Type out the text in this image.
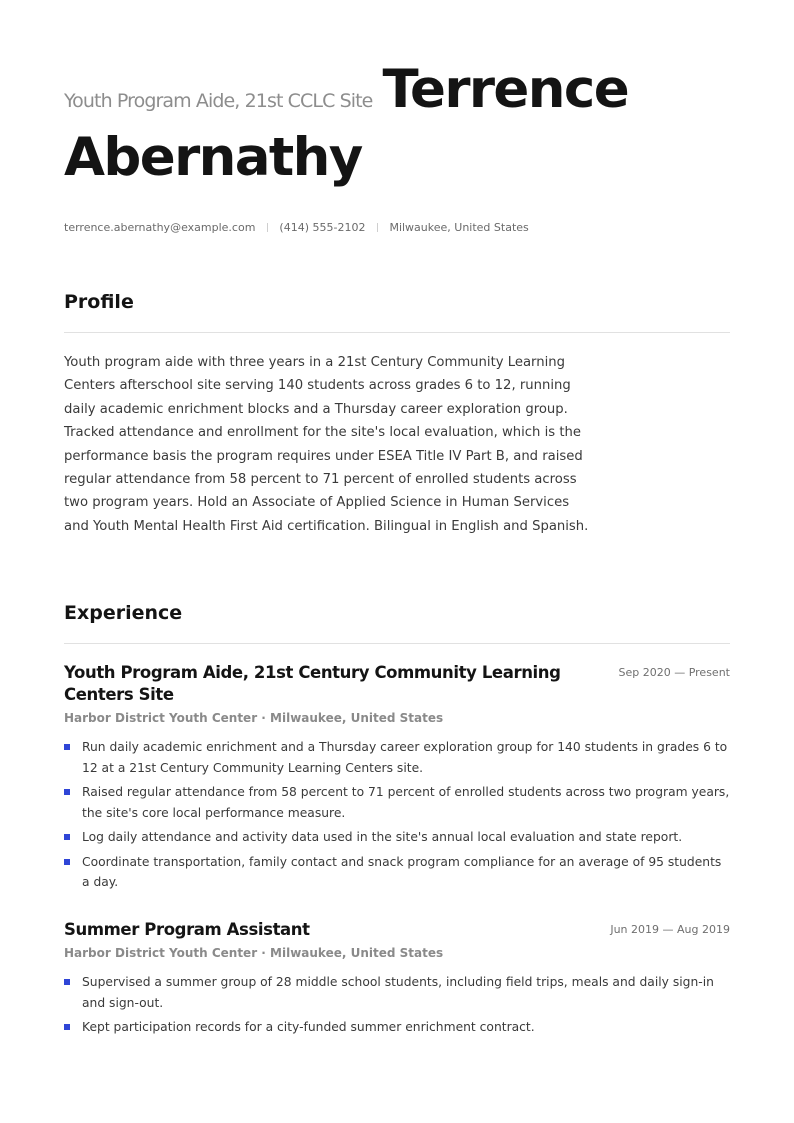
Youth Program Aide, 21st CCLC Site Terrence

Abernathy

terrence.abernathy@example.com (414) 555-2102 Milwaukee, United States
Profile

Youth program aide with three years in a 21st Century Community Learning Centers afterschool site serving 140 students across grades 6 to 12, running daily academic enrichment blocks and a Thursday career exploration group. Tracked attendance and enrollment for the site's local evaluation, which is the performance basis the program requires under ESEA Title IV Part B, and raised regular attendance from 58 percent to 71 percent of enrolled students across two program years. Hold an Associate of Applied Science in Human Services and Youth Mental Health First Aid certification. Bilingual in English and Spanish.

Experience

Youth Program Aide, 21st Century Community Learning Centers Site

Sep 2020 — Present

Harbor District Youth Center · Milwaukee, United States

Run daily academic enrichment and a Thursday career exploration group for 140 students in grades 6 to 12 at a 21st Century Community Learning Centers site.
Raised regular attendance from 58 percent to 71 percent of enrolled students across two program years, the site's core local performance measure.
Log daily attendance and activity data used in the site's annual local evaluation and state report.
Coordinate transportation, family contact and snack program compliance for an average of 95 students a day.

Summer Program Assistant	Jun 2019 — Aug 2019

Harbor District Youth Center · Milwaukee, United States

Supervised a summer group of 28 middle school students, including field trips, meals and daily sign-in and sign-out.
Kept participation records for a city-funded summer enrichment contract.
